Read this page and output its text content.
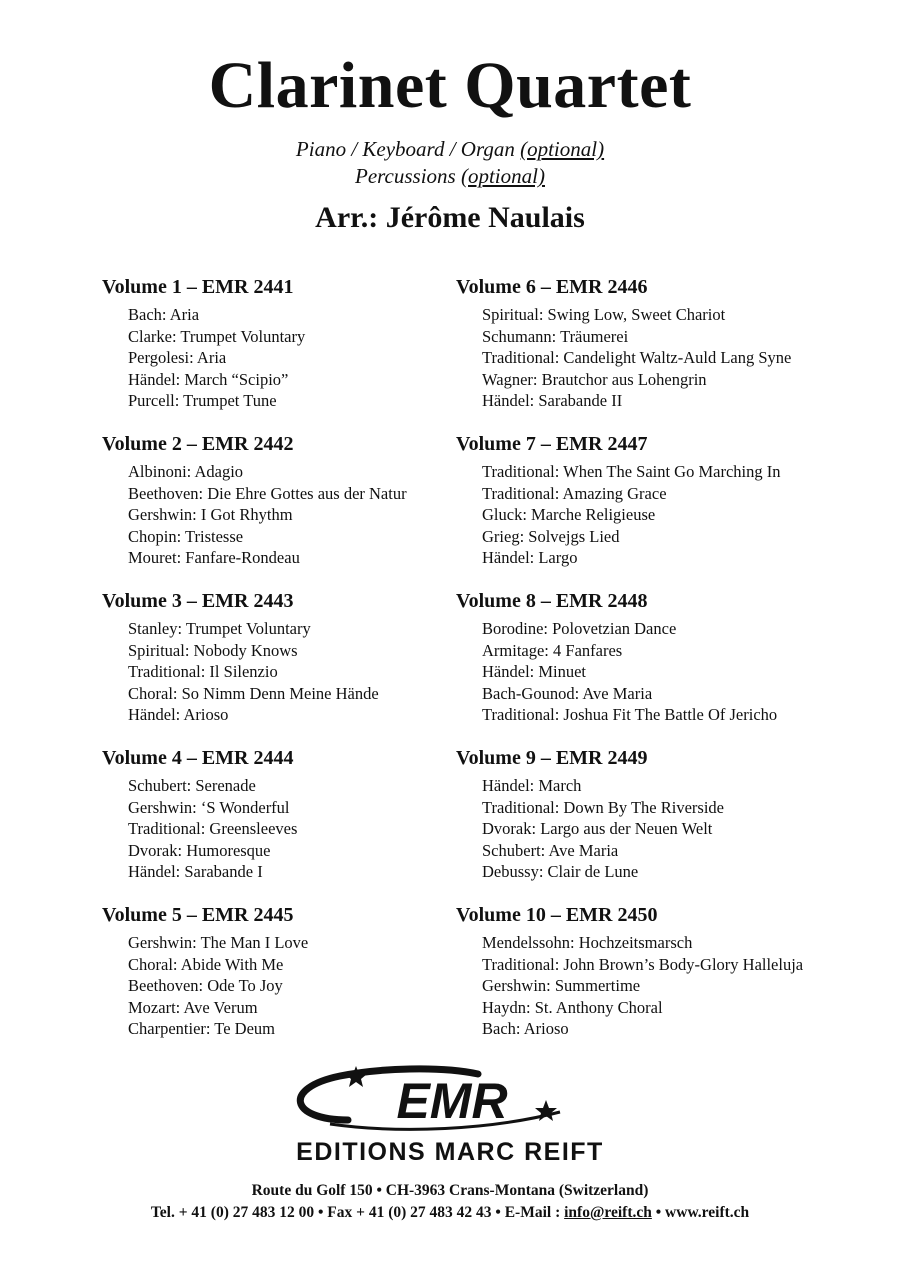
Clarinet Quartet
Piano / Keyboard / Organ (optional)
Percussions (optional)
Arr.: Jérôme Naulais
Volume 1 – EMR 2441
Bach: Aria
Clarke: Trumpet Voluntary
Pergolesi: Aria
Händel: March “Scipio”
Purcell: Trumpet Tune
Volume 2 – EMR 2442
Albinoni: Adagio
Beethoven: Die Ehre Gottes aus der Natur
Gershwin: I Got Rhythm
Chopin: Tristesse
Mouret: Fanfare-Rondeau
Volume 3 – EMR 2443
Stanley: Trumpet Voluntary
Spiritual: Nobody Knows
Traditional: Il Silenzio
Choral: So Nimm Denn Meine Hände
Händel: Arioso
Volume 4 – EMR 2444
Schubert: Serenade
Gershwin: ‘S Wonderful
Traditional: Greensleeves
Dvorak: Humoresque
Händel: Sarabande I
Volume 5 – EMR 2445
Gershwin: The Man I Love
Choral: Abide With Me
Beethoven: Ode To Joy
Mozart: Ave Verum
Charpentier: Te Deum
Volume 6 – EMR 2446
Spiritual: Swing Low, Sweet Chariot
Schumann: Träumerei
Traditional: Candelight Waltz-Auld Lang Syne
Wagner: Brautchor aus Lohengrin
Händel: Sarabande II
Volume 7 – EMR 2447
Traditional: When The Saint Go Marching In
Traditional: Amazing Grace
Gluck: Marche Religieuse
Grieg: Solvejgs Lied
Händel: Largo
Volume 8 – EMR 2448
Borodine: Polovetzian Dance
Armitage: 4 Fanfares
Händel: Minuet
Bach-Gounod: Ave Maria
Traditional: Joshua Fit The Battle Of Jericho
Volume 9 – EMR 2449
Händel: March
Traditional: Down By The Riverside
Dvorak: Largo aus der Neuen Welt
Schubert: Ave Maria
Debussy: Clair de Lune
Volume 10 – EMR 2450
Mendelssohn: Hochzeitsmarsch
Traditional: John Brown’s Body-Glory Halleluja
Gershwin: Summertime
Haydn: St. Anthony Choral
Bach: Arioso
EMR
EDITIONS MARC REIFT
Route du Golf 150 • CH-3963 Crans-Montana (Switzerland)
Tel. + 41 (0) 27 483 12 00 • Fax + 41 (0) 27 483 42 43 • E-Mail : info@reift.ch • www.reift.ch
